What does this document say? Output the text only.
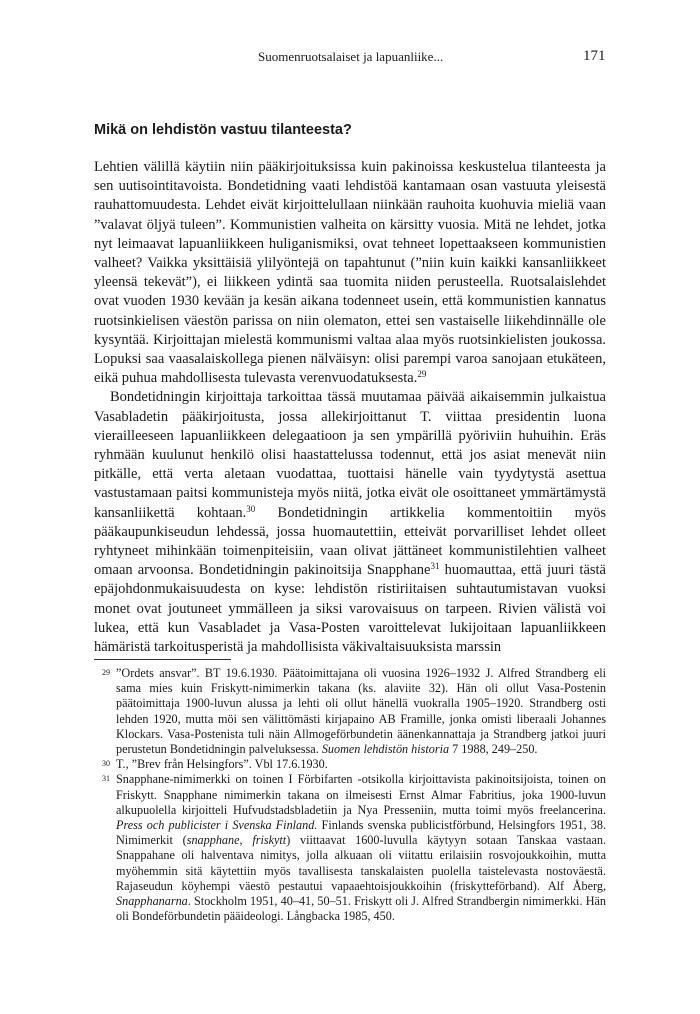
Suomenruotsalaiset ja lapuanliike...	171
Mikä on lehdistön vastuu tilanteesta?

Lehtien välillä käytiin niin pääkirjoituksissa kuin pakinoissa keskustelua tilanteesta ja sen uutisointitavoista. Bondetidning vaati lehdistöä kantamaan osan vastuuta yleisestä rauhattomuudesta. Lehdet eivät kirjoittelullaan niinkään rauhoita kuohuvia mieliä vaan ”valavat öljyä tuleen”. Kommunistien valheita on kärsitty vuosia. Mitä ne lehdet, jotka nyt leimaavat lapuanliikkeen huliganismiksi, ovat tehneet lopettaakseen kommunistien valheet? Vaikka yksittäisiä ylilyöntejä on tapahtunut (”niin kuin kaikki kansanliikkeet yleensä tekevät”), ei liikkeen ydintä saa tuomita niiden perusteella. Ruotsalaislehdet ovat vuoden 1930 kevään ja kesän aikana todenneet usein, että kommunistien kannatus ruotsinkielisen väestön parissa on niin olematon, ettei sen vastaiselle liikehdinnälle ole kysyntää. Kirjoittajan mielestä kommunismi valtaa alaa myös ruotsinkielisten joukossa. Lopuksi saa vaasalaiskollega pienen nälväisyn: olisi parempi varoa sanojaan etukäteen, eikä puhua mahdollisesta tulevasta verenvuodatuksesta.$^{29}$

Bondetidningin kirjoittaja tarkoittaa tässä muutamaa päivää aikaisemmin julkaistua Vasabladetin pääkirjoitusta, jossa allekirjoittanut T. viittaa presidentin luona vierailleeseen lapuanliikkeen delegaatioon ja sen ympärillä pyöriviin huhuihin. Eräs ryhmään kuulunut henkilö olisi haastattelussa todennut, että jos asiat menevät niin pitkälle, että verta aletaan vuodattaa, tuottaisi hänelle vain tyydytystä asettua vastustamaan paitsi kommunisteja myös niitä, jotka eivät ole osoittaneet ymmärtämystä kansanliikettä kohtaan.$^{30}$ Bondetidningin artikkelia kommentoitiin myös pääkaupunkiseudun lehdessä, jossa huomautettiin, etteivät porvarilliset lehdet olleet ryhtyneet mihinkään toimenpiteisiin, vaan olivat jättäneet kommunistilehtien valheet omaan arvoonsa. Bondetidningin pakinoitsija Snapphane$^{31}$ huomauttaa, että juuri tästä epäjohdonmukaisuudesta on kyse: lehdistön ristiriitaisen suhtautumistavan vuoksi monet ovat joutuneet ymmälleen ja siksi varovaisuus on tarpeen. Rivien välistä voi lukea, että kun Vasabladet ja Vasa-Posten varoittelevat lukijoitaan lapuanliikkeen hämäristä tarkoitusperistä ja mahdollisista väkivaltaisuuksista marssin

29 ”Ordets ansvar”. BT 19.6.1930. Päätoimittajana oli vuosina 1926–1932 J. Alfred Strandberg eli sama mies kuin Friskytt-nimimerkin takana (ks. alaviite 32). Hän oli ollut Vasa-Postenin päätoimittaja 1900-luvun alussa ja lehti oli ollut hänellä vuokralla 1905–1920. Strandberg osti lehden 1920, mutta möi sen välittömästi kirjapaino AB Framille, jonka omisti liberaali Johannes Klockars. Vasa-Postenista tuli näin Allmogeförbundetin äänenkannattaja ja Strandberg jatkoi juuri perustetun Bondetidningin palveluksessa. Suomen lehdistön historia 7 1988, 249–250.

30 T., ”Brev från Helsingfors”. Vbl 17.6.1930.

31 Snapphane-nimimerkki on toinen I Förbifarten -otsikolla kirjoittavista pakinoitsijoista, toinen on Friskytt. Snapphane nimimerkin takana on ilmeisesti Ernst Almar Fabritius, joka 1900-luvun alkupuolella kirjoitteli Hufvudstadsbladetiin ja Nya Presseniin, mutta toimi myös freelancerina. Press och publicister i Svenska Finland. Finlands svenska publicistförbund, Helsingfors 1951, 38. Nimimerkit (snapphane, friskytt) viittaavat 1600-luvulla käytyyn sotaan Tanskaa vastaan. Snappahane oli halventava nimitys, jolla alkuaan oli viitattu erilaisiin rosvojoukkoihin, mutta myöhemmin sitä käytettiin myös tavallisesta tanskalaisten puolella taistelevasta nostoväestä. Rajaseudun köyhempi väestö pestautui vapaaehtoisjoukkoihin (friskytteförband). Alf Åberg, Snapphanarna. Stockholm 1951, 40–41, 50–51. Friskytt oli J. Alfred Strandbergin nimimerkki. Hän oli Bondeförbundetin pääideologi. Långbacka 1985, 450.
